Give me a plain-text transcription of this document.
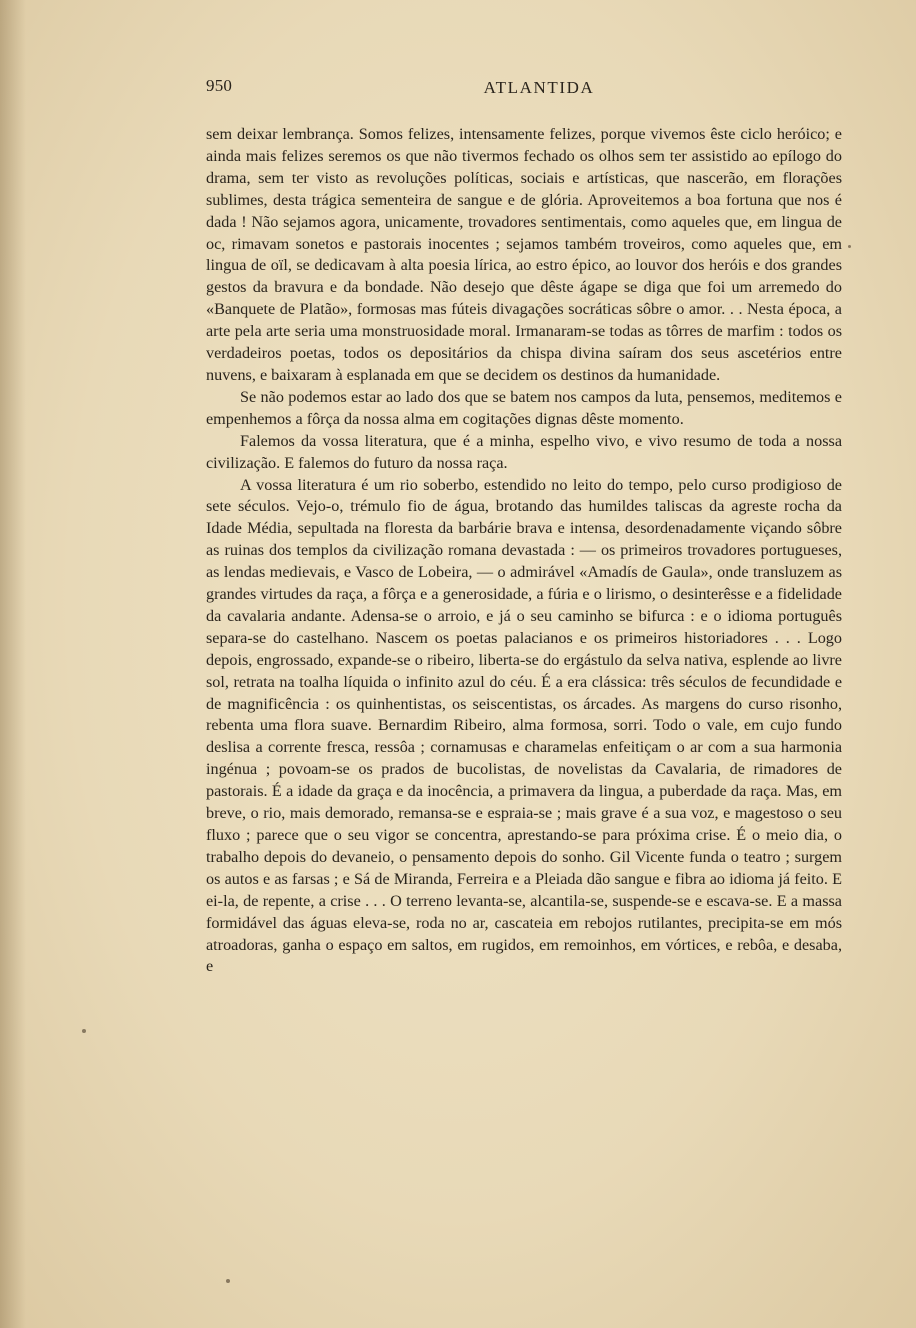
950	ATLANTIDA

sem deixar lembrança. Somos felizes, intensamente felizes, porque vivemos êste ciclo heróico; e ainda mais felizes seremos os que não tivermos fechado os olhos sem ter assistido ao epílogo do drama, sem ter visto as revoluções políticas, sociais e artísticas, que nascerão, em florações sublimes, desta trágica sementeira de sangue e de glória. Aproveitemos a boa fortuna que nos é dada ! Não sejamos agora, unicamente, trovadores sentimentais, como aqueles que, em lingua de oc, rimavam sonetos e pastorais inocentes ; sejamos também troveiros, como aqueles que, em lingua de oïl, se dedicavam à alta poesia lírica, ao estro épico, ao louvor dos heróis e dos grandes gestos da bravura e da bondade. Não desejo que dêste ágape se diga que foi um arremedo do «Banquete de Platão», formosas mas fúteis divagações socráticas sôbre o amor. . . Nesta época, a arte pela arte seria uma monstruosidade moral. Irmanaram-se todas as tôrres de marfim : todos os verdadeiros poetas, todos os depositários da chispa divina saíram dos seus ascetérios entre nuvens, e baixaram à esplanada em que se decidem os destinos da humanidade.

Se não podemos estar ao lado dos que se batem nos campos da luta, pensemos, meditemos e empenhemos a fôrça da nossa alma em cogitações dignas dêste momento.

Falemos da vossa literatura, que é a minha, espelho vivo, e vivo resumo de toda a nossa civilização. E falemos do futuro da nossa raça.

A vossa literatura é um rio soberbo, estendido no leito do tempo, pelo curso prodigioso de sete séculos. Vejo-o, trémulo fio de água, brotando das humildes taliscas da agreste rocha da Idade Média, sepultada na floresta da barbárie brava e intensa, desordenadamente viçando sôbre as ruinas dos templos da civilização romana devastada : — os primeiros trovadores portugueses, as lendas medievais, e Vasco de Lobeira, — o admirável «Amadís de Gaula», onde transluzem as grandes virtudes da raça, a fôrça e a generosidade, a fúria e o lirismo, o desinterêsse e a fidelidade da cavalaria andante. Adensa-se o arroio, e já o seu caminho se bifurca : e o idioma português separa-se do castelhano. Nascem os poetas palacianos e os primeiros historiadores . . . Logo depois, engrossado, expande-se o ribeiro, liberta-se do ergástulo da selva nativa, esplende ao livre sol, retrata na toalha líquida o infinito azul do céu. É a era clássica: três séculos de fecundidade e de magnificência : os quinhentistas, os seiscentistas, os árcades. As margens do curso risonho, rebenta uma flora suave. Bernardim Ribeiro, alma formosa, sorri. Todo o vale, em cujo fundo deslisa a corrente fresca, ressôa ; cornamusas e charamelas enfeitiçam o ar com a sua harmonia ingénua ; povoam-se os prados de bucolistas, de novelistas da Cavalaria, de rimadores de pastorais. É a idade da graça e da inocência, a primavera da lingua, a puberdade da raça. Mas, em breve, o rio, mais demorado, remansa-se e espraia-se ; mais grave é a sua voz, e magestoso o seu fluxo ; parece que o seu vigor se concentra, aprestando-se para próxima crise. É o meio dia, o trabalho depois do devaneio, o pensamento depois do sonho. Gil Vicente funda o teatro ; surgem os autos e as farsas ; e Sá de Miranda, Ferreira e a Pleiada dão sangue e fibra ao idioma já feito. E ei-la, de repente, a crise . . . O terreno levanta-se, alcantila-se, suspende-se e escava-se. E a massa formidável das águas eleva-se, roda no ar, cascateia em rebojos rutilantes, precipita-se em mós atroadoras, ganha o espaço em saltos, em rugidos, em remoinhos, em vórtices, e rebôa, e desaba, e
